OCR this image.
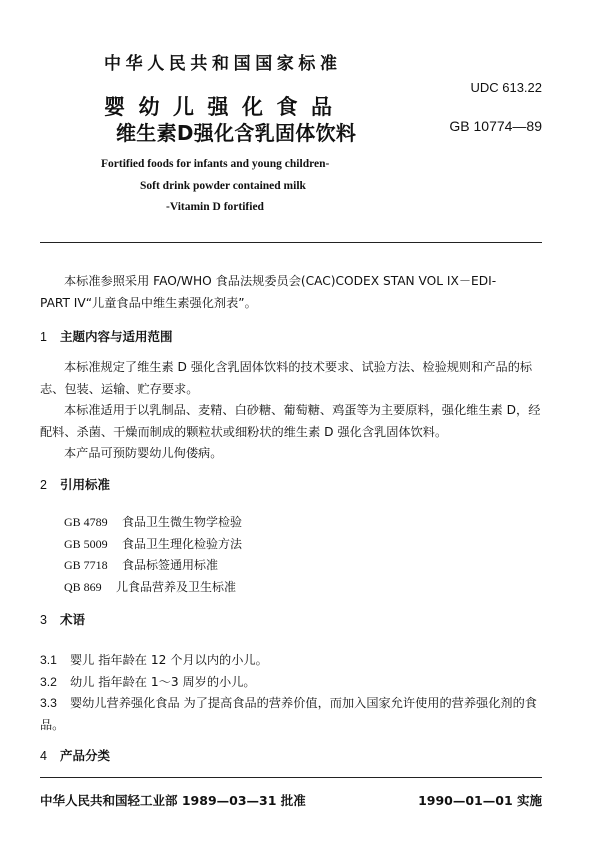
中华人民共和国国家标准
婴幼儿强化食品
维生素D强化含乳固体饮料
UDC 613.22
GB 10774—89
Fortified foods for infants and young children-
Soft drink powder contained milk
-Vitamin D fortified

本标准参照采用 FAO/WHO 食品法规委员会(CAC)CODEX STAN VOL IX－EDI-

PART IV“儿童食品中维生素强化剂表”。

1 主题内容与适用范围

本标准规定了维生素 D 强化含乳固体饮料的技术要求、试验方法、检验规则和产品的标志、包装、运输、贮存要求。

本标准适用于以乳制品、麦精、白砂糖、葡萄糖、鸡蛋等为主要原料，强化维生素 D，经配料、杀菌、干燥而制成的颗粒状或细粉状的维生素 D 强化含乳固体饮料。

本产品可预防婴幼儿佝偻病。

2 引用标准
GB 4789 食品卫生微生物学检验
GB 5009 食品卫生理化检验方法
GB 7718 食品标签通用标准
QB 869 儿食品营养及卫生标准
3 术语
3.1 婴儿 指年龄在 12 个月以内的小儿。
3.2 幼儿 指年龄在 1～3 周岁的小儿。
3.3 婴幼儿营养强化食品 为了提高食品的营养价值，而加入国家允许使用的营养强化剂的食品。
4 产品分类
中华人民共和国轻工业部 1989—03—31 批准	1990—01—01 实施
